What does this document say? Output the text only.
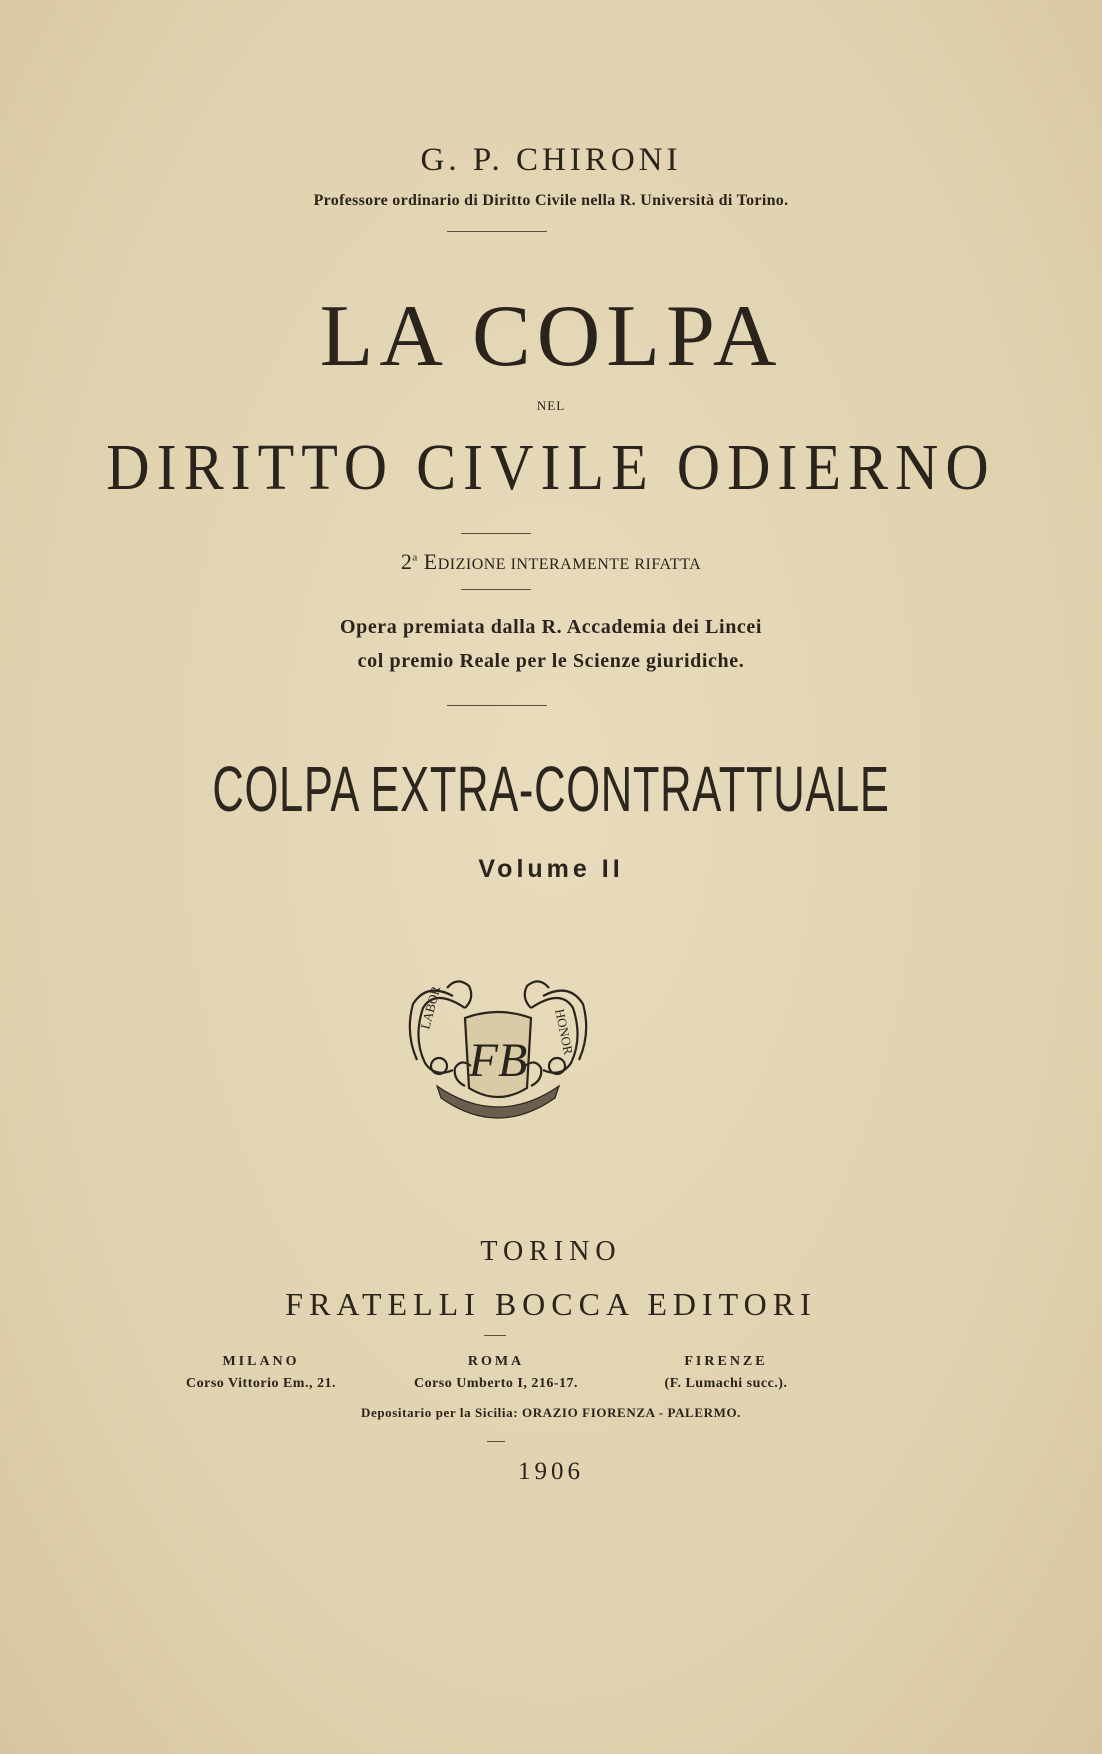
G. P. CHIRONI
Professore ordinario di Diritto Civile nella R. Università di Torino.
LA COLPA
NEL
DIRITTO CIVILE ODIERNO
2$^a$ EDIZIONE INTERAMENTE RIFATTA
Opera premiata dalla R. Accademia dei Lincei
col premio Reale per le Scienze giuridiche.
COLPA EXTRA-CONTRATTUALE
Volume II
LABOR	HONOR
FB
TORINO
FRATELLI BOCCA EDITORI
MILANO
Corso Vittorio Em., 21.
ROMA
Corso Umberto I, 216-17.
FIRENZE
(F. Lumachi succ.).
Depositario per la Sicilia: ORAZIO FIORENZA - PALERMO.
1906
